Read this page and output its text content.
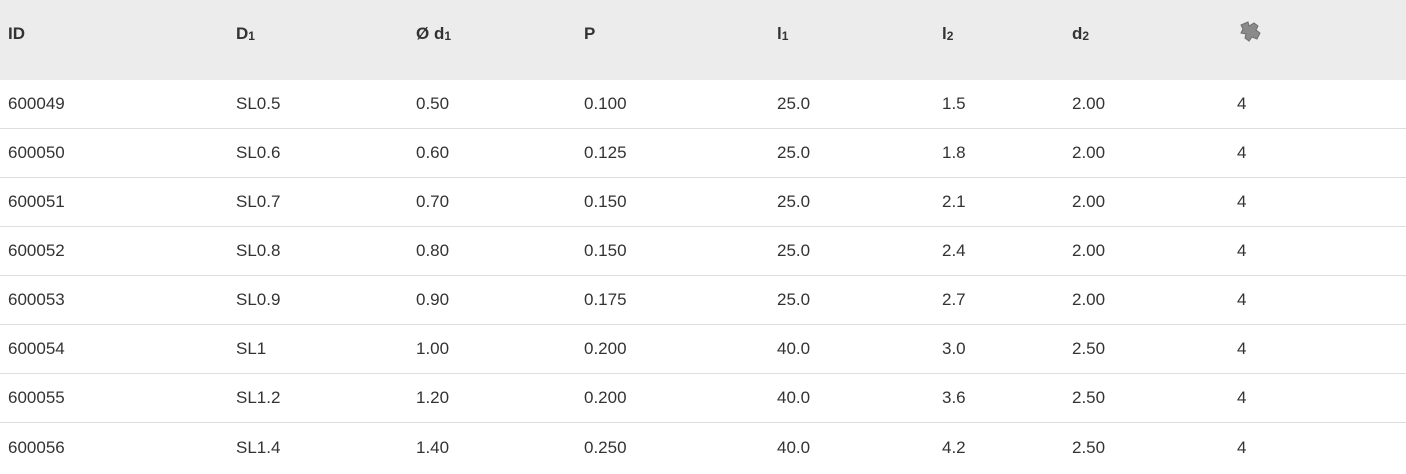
ID	$D_1$	Ø $d_1$	P	$l_1$	$l_2$	$d_2$
600049	SL0.5	0.50	0.100	25.0	1.5	2.00	4
600050	SL0.6	0.60	0.125	25.0	1.8	2.00	4
600051	SL0.7	0.70	0.150	25.0	2.1	2.00	4
600052	SL0.8	0.80	0.150	25.0	2.4	2.00	4
600053	SL0.9	0.90	0.175	25.0	2.7	2.00	4
600054	SL1	1.00	0.200	40.0	3.0	2.50	4
600055	SL1.2	1.20	0.200	40.0	3.6	2.50	4
600056	SL1.4	1.40	0.250	40.0	4.2	2.50	4
